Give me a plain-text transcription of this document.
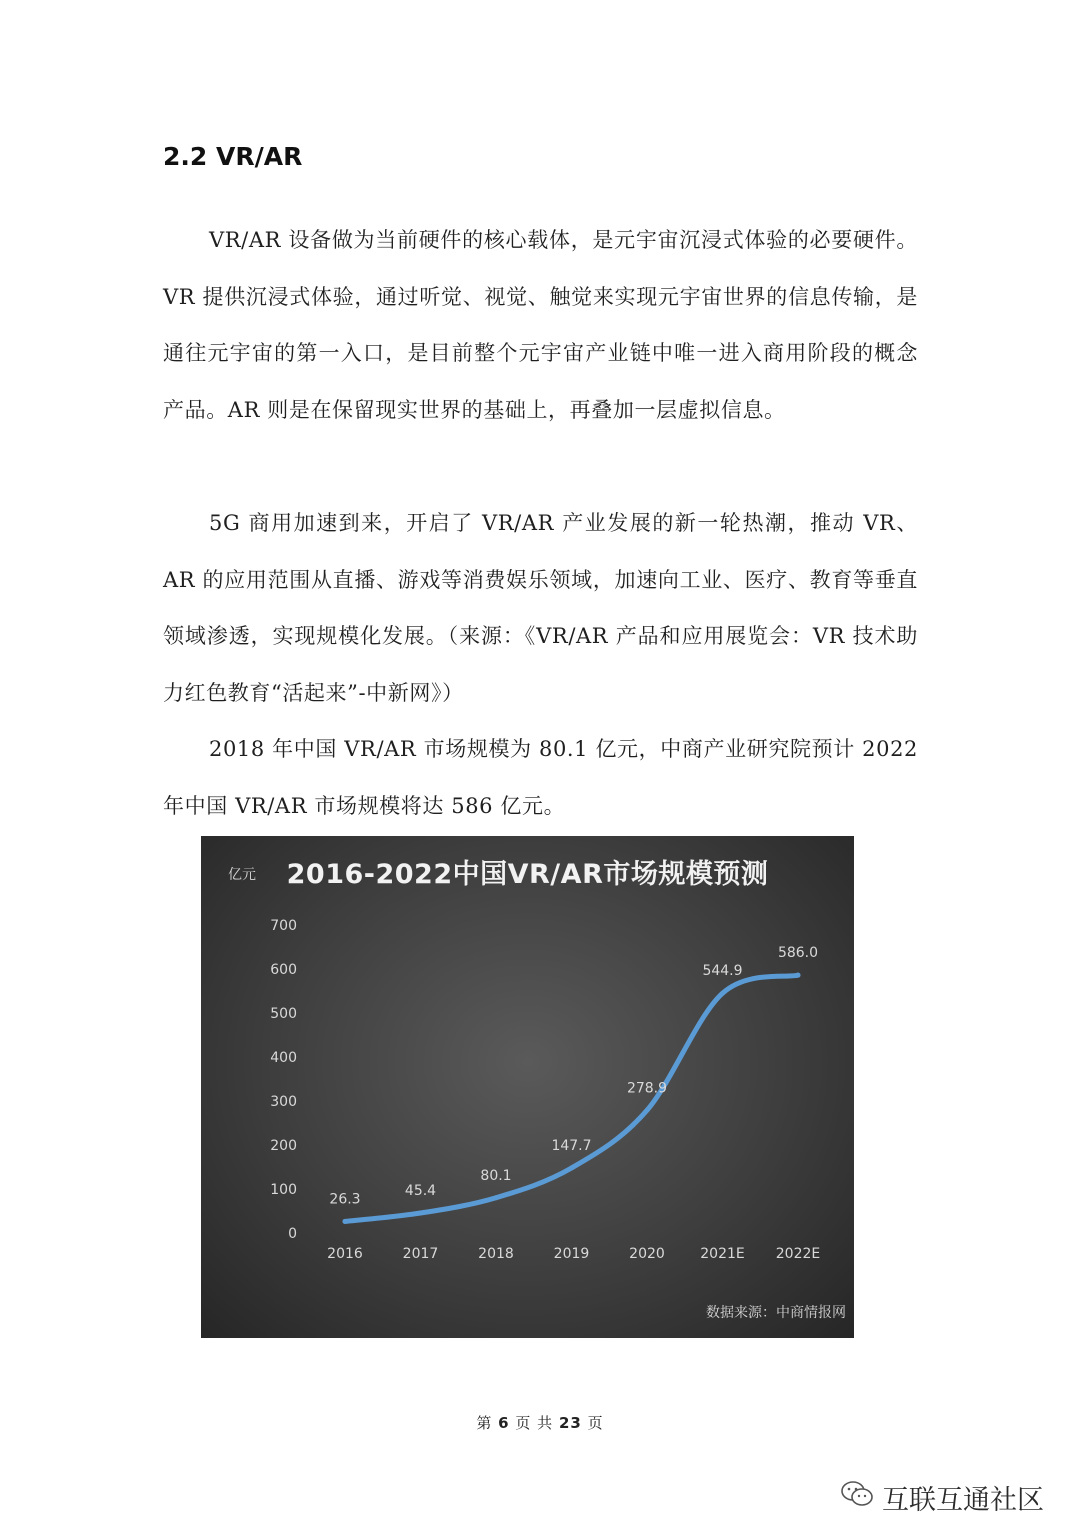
2.2 VR/AR

VR/AR 设备做为当前硬件的核心载体，是元宇宙沉浸式体验的必要硬件。VR 提供沉浸式体验，通过听觉、视觉、触觉来实现元宇宙世界的信息传输，是通往元宇宙的第一入口，是目前整个元宇宙产业链中唯一进入商用阶段的概念产品。AR 则是在保留现实世界的基础上，再叠加一层虚拟信息。

5G 商用加速到来，开启了 VR/AR 产业发展的新一轮热潮，推动 VR、AR 的应用范围从直播、游戏等消费娱乐领域，加速向工业、医疗、教育等垂直领域渗透，实现规模化发展。（来源：《VR/AR 产品和应用展览会：VR 技术助力红色教育“活起来”-中新网》）

2018 年中国 VR/AR 市场规模为 80.1 亿元，中商产业研究院预计 2022 年中国 VR/AR 市场规模将达 586 亿元。

亿元	2016-2022中国VR/AR市场规模预测
0
100
200
300
400
500
600
700
2016	2017	2018	2019	2020	2021E 2022E
26.3
45.4
80.1
147.7
278.9
544.9
586.0
数据来源：中商情报网
第 6 页 共 23 页
互联互通社区
